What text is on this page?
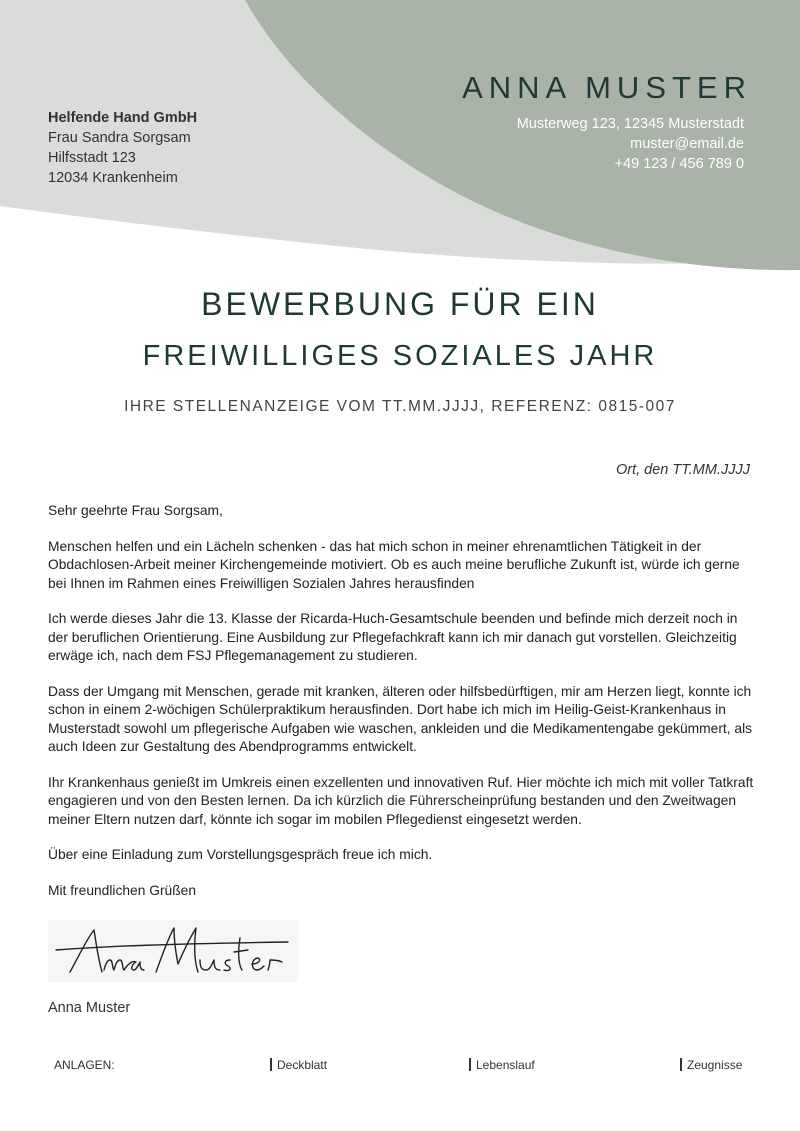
Helfende Hand GmbH
Frau Sandra Sorgsam
Hilfsstadt 123
12034 Krankenheim
ANNA MUSTER
Musterweg 123, 12345 Musterstadt
muster@email.de
+49 123 / 456 789 0
BEWERBUNG FÜR EIN
FREIWILLIGES SOZIALES JAHR
IHRE STELLENANZEIGE VOM TT.MM.JJJJ, REFERENZ: 0815-007
Ort, den TT.MM.JJJJ

Sehr geehrte Frau Sorgsam,

Menschen helfen und ein Lächeln schenken - das hat mich schon in meiner ehrenamtlichen Tätigkeit in der Obdachlosen-Arbeit meiner Kirchengemeinde motiviert. Ob es auch meine berufliche Zukunft ist, würde ich gerne bei Ihnen im Rahmen eines Freiwilligen Sozialen Jahres herausfinden

Ich werde dieses Jahr die 13. Klasse der Ricarda-Huch-Gesamtschule beenden und befinde mich derzeit noch in der beruflichen Orientierung. Eine Ausbildung zur Pflegefachkraft kann ich mir danach gut vorstellen. Gleichzeitig erwäge ich, nach dem FSJ Pflegemanagement zu studieren.

Dass der Umgang mit Menschen, gerade mit kranken, älteren oder hilfsbedürftigen, mir am Herzen liegt, konnte ich schon in einem 2-wöchigen Schülerpraktikum herausfinden. Dort habe ich mich im Heilig-Geist-Krankenhaus in Musterstadt sowohl um pflegerische Aufgaben wie waschen, ankleiden und die Medikamentengabe gekümmert, als auch Ideen zur Gestaltung des Abendprogramms entwickelt.

Ihr Krankenhaus genießt im Umkreis einen exzellenten und innovativen Ruf. Hier möchte ich mich mit voller Tatkraft engagieren und von den Besten lernen. Da ich kürzlich die Führerscheinprüfung bestanden und den Zweitwagen meiner Eltern nutzen darf, könnte ich sogar im mobilen Pflegedienst eingesetzt werden.

Über eine Einladung zum Vorstellungsgespräch freue ich mich.

Mit freundlichen Grüßen

Anna Muster
ANLAGEN:	Deckblatt	Lebenslauf	Zeugnisse
